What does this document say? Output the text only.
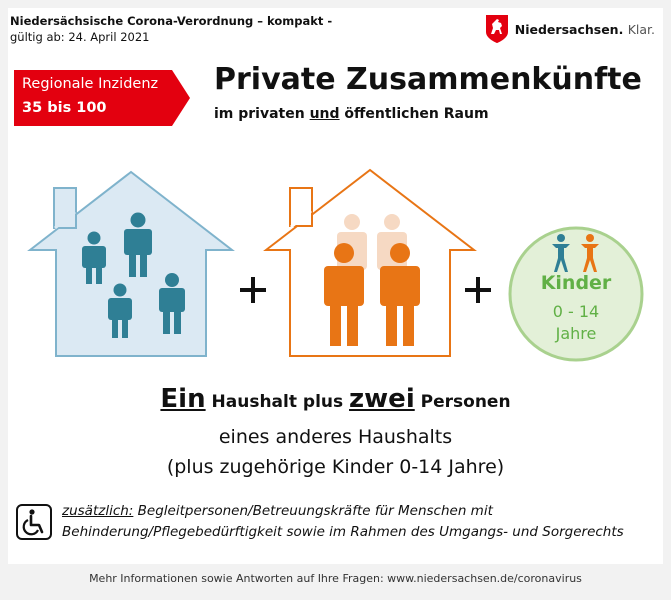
Niedersächsische Corona-Verordnung – kompakt -
gültig ab: 24. April 2021
Niedersachsen. Klar.
Regionale Inzidenz
35 bis 100
Private Zusammenkünfte
im privaten und öffentlichen Raum
Kinder
0 - 14
Jahre
Ein Haushalt plus zwei Personen
eines anderes Haushalts
(plus zugehörige Kinder 0-14 Jahre)
zusätzlich: Begleitpersonen/Betreuungskräfte für Menschen mit
Behinderung/Pflegebedürftigkeit sowie im Rahmen des Umgangs- und Sorgerechts
Mehr Informationen sowie Antworten auf Ihre Fragen: www.niedersachsen.de/coronavirus
